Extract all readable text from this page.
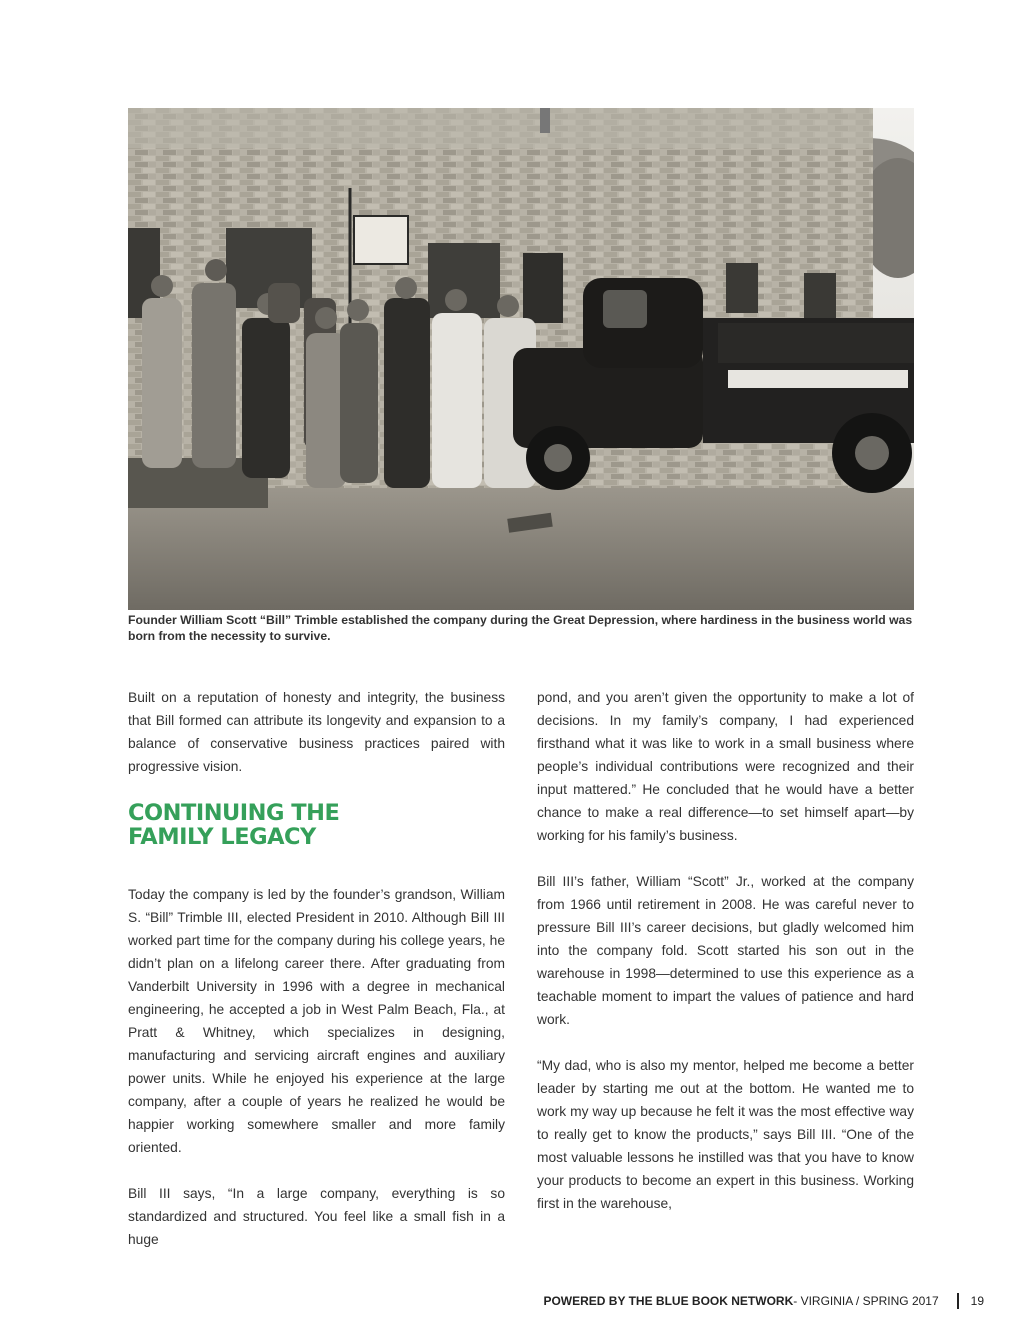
Founder William Scott “Bill” Trimble established the company during the Great Depression, where hardiness in the business world was born from the necessity to survive.

Built on a reputation of honesty and integrity, the business that Bill formed can attribute its longevity and expansion to a balance of conservative business practices paired with progressive vision.

CONTINUING THE
FAMILY LEGACY

Today the company is led by the founder’s grandson, William S. “Bill” Trimble III, elected President in 2010. Although Bill III worked part time for the company during his college years, he didn’t plan on a lifelong career there. After graduating from Vanderbilt University in 1996 with a degree in mechanical engineering, he accepted a job in West Palm Beach, Fla., at Pratt & Whitney, which specializes in designing, manufacturing and servicing aircraft engines and auxiliary power units. While he enjoyed his experience at the large company, after a couple of years he realized he would be happier working somewhere smaller and more family oriented.

Bill III says, “In a large company, everything is so standardized and structured. You feel like a small fish in a huge

pond, and you aren’t given the opportunity to make a lot of decisions. In my family’s company, I had experienced firsthand what it was like to work in a small business where people’s individual contributions were recognized and their input mattered.” He concluded that he would have a better chance to make a real difference—to set himself apart—by working for his family’s business.

Bill III’s father, William “Scott” Jr., worked at the company from 1966 until retirement in 2008. He was careful never to pressure Bill III’s career decisions, but gladly welcomed him into the company fold. Scott started his son out in the warehouse in 1998—determined to use this experience as a teachable moment to impart the values of patience and hard work.

“My dad, who is also my mentor, helped me become a better leader by starting me out at the bottom. He wanted me to work my way up because he felt it was the most effective way to really get to know the products,” says Bill III. “One of the most valuable lessons he instilled was that you have to know your products to become an expert in this business. Working first in the warehouse,

POWERED BY THE BLUE BOOK NETWORK - VIRGINIA / SPRING 2017	19
